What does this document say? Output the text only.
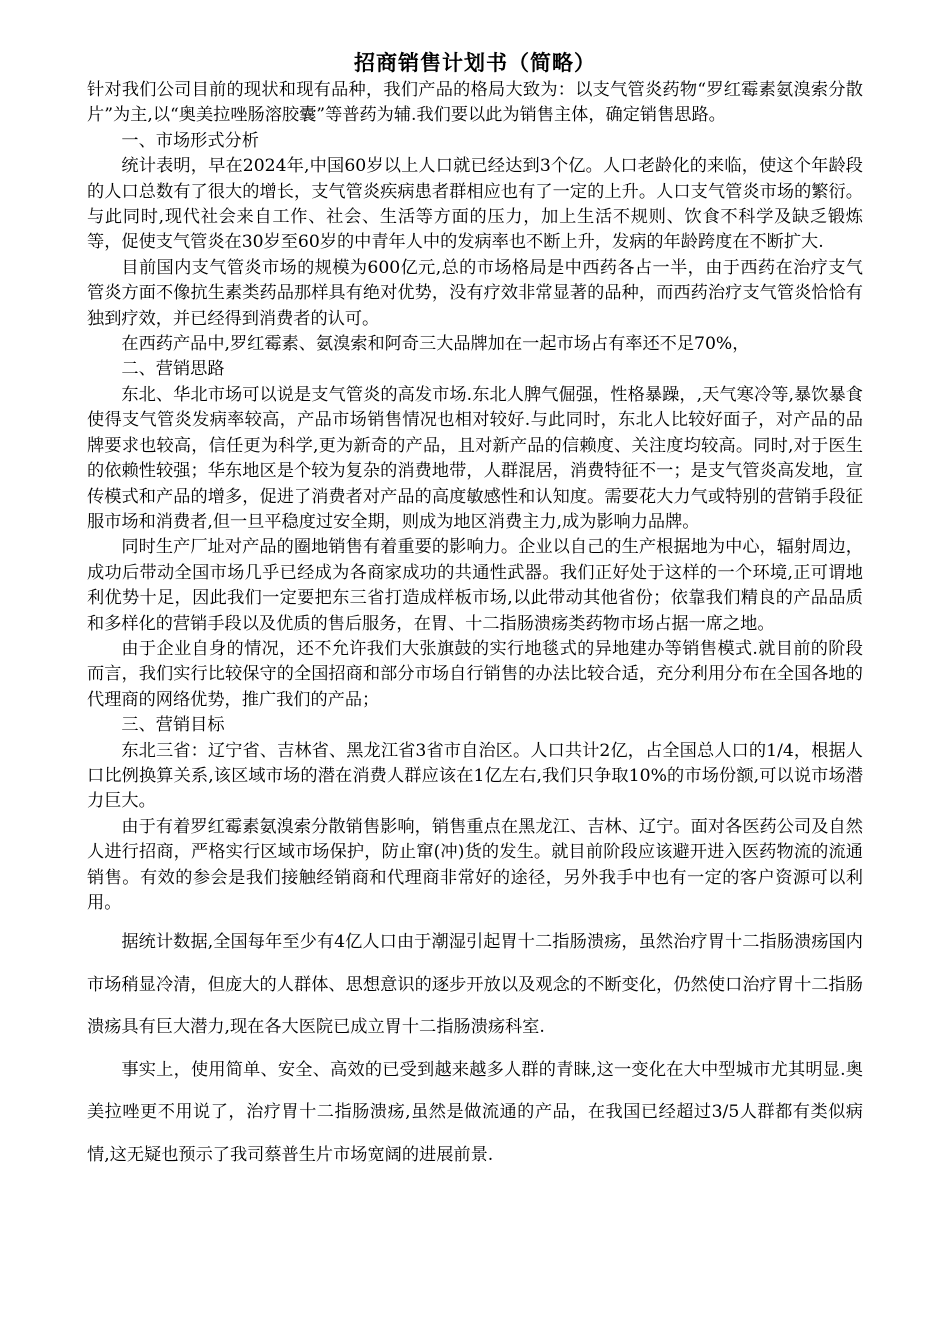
招商销售计划书（简略）

针对我们公司目前的现状和现有品种，我们产品的格局大致为：以支气管炎药物“罗红霉素氨溴索分散片”为主,以“奥美拉唑肠溶胶囊”等普药为辅.我们要以此为销售主体，确定销售思路。

一、市场形式分析

统计表明，早在2024年,中国60岁以上人口就已经达到3个亿。人口老龄化的来临，使这个年龄段的人口总数有了很大的增长，支气管炎疾病患者群相应也有了一定的上升。人口支气管炎市场的繁衍。与此同时,现代社会来自工作、社会、生活等方面的压力，加上生活不规则、饮食不科学及缺乏锻炼等，促使支气管炎在30岁至60岁的中青年人中的发病率也不断上升，发病的年龄跨度在不断扩大.

目前国内支气管炎市场的规模为600亿元,总的市场格局是中西药各占一半，由于西药在治疗支气管炎方面不像抗生素类药品那样具有绝对优势，没有疗效非常显著的品种，而西药治疗支气管炎恰恰有独到疗效，并已经得到消费者的认可。

在西药产品中,罗红霉素、氨溴索和阿奇三大品牌加在一起市场占有率还不足70%，

二、营销思路

东北、华北市场可以说是支气管炎的高发市场.东北人脾气倔强，性格暴躁，,天气寒冷等,暴饮暴食使得支气管炎发病率较高，产品市场销售情况也相对较好.与此同时，东北人比较好面子，对产品的品牌要求也较高，信任更为科学,更为新奇的产品，且对新产品的信赖度、关注度均较高。同时,对于医生的依赖性较强；华东地区是个较为复杂的消费地带，人群混居，消费特征不一；是支气管炎高发地，宣传模式和产品的增多，促进了消费者对产品的高度敏感性和认知度。需要花大力气或特别的营销手段征服市场和消费者,但一旦平稳度过安全期，则成为地区消费主力,成为影响力品牌。

同时生产厂址对产品的圈地销售有着重要的影响力。企业以自己的生产根据地为中心，辐射周边，成功后带动全国市场几乎已经成为各商家成功的共通性武器。我们正好处于这样的一个环境,正可谓地利优势十足，因此我们一定要把东三省打造成样板市场,以此带动其他省份；依靠我们精良的产品品质和多样化的营销手段以及优质的售后服务，在胃、十二指肠溃疡类药物市场占据一席之地。

由于企业自身的情况，还不允许我们大张旗鼓的实行地毯式的异地建办等销售模式.就目前的阶段而言，我们实行比较保守的全国招商和部分市场自行销售的办法比较合适，充分利用分布在全国各地的代理商的网络优势，推广我们的产品；

三、营销目标

东北三省：辽宁省、吉林省、黑龙江省3省市自治区。人口共计2亿，占全国总人口的1/4，根据人口比例换算关系,该区域市场的潜在消费人群应该在1亿左右,我们只争取10%的市场份额,可以说市场潜力巨大。

由于有着罗红霉素氨溴索分散销售影响，销售重点在黑龙江、吉林、辽宁。面对各医药公司及自然人进行招商，严格实行区域市场保护，防止窜(冲)货的发生。就目前阶段应该避开进入医药物流的流通销售。有效的参会是我们接触经销商和代理商非常好的途径，另外我手中也有一定的客户资源可以利用。

据统计数据,全国每年至少有4亿人口由于潮湿引起胃十二指肠溃疡，虽然治疗胃十二指肠溃疡国内市场稍显冷清，但庞大的人群体、思想意识的逐步开放以及观念的不断变化，仍然使口治疗胃十二指肠溃疡具有巨大潜力,现在各大医院已成立胃十二指肠溃疡科室.

事实上，使用简单、安全、高效的已受到越来越多人群的青睐,这一变化在大中型城市尤其明显.奥美拉唑更不用说了，治疗胃十二指肠溃疡,虽然是做流通的产品，在我国已经超过3/5人群都有类似病情,这无疑也预示了我司蔡普生片市场宽阔的进展前景.
